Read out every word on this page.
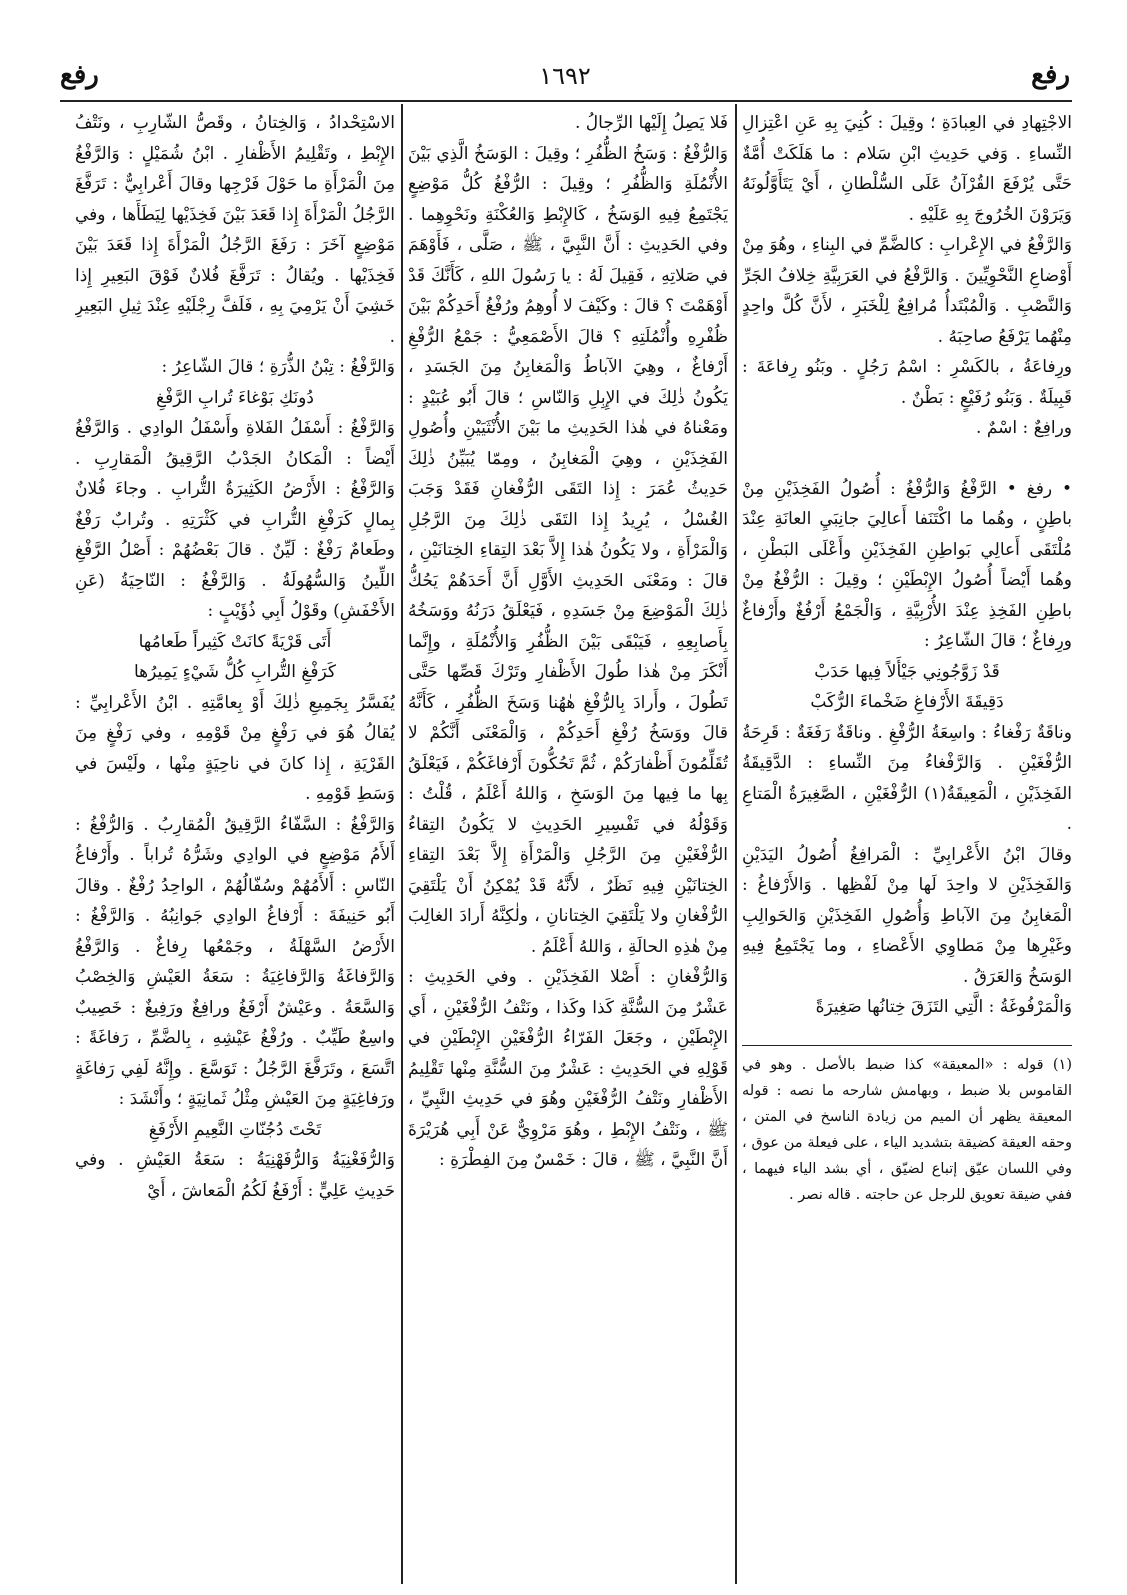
رفع
١٦٩٢
رفع

الاجْتِهادِ في العِبادَةِ ؛ وقِيلَ : كُنِيَ بِهِ عَنِ اعْتِزالِ النِّساءِ . وَفي حَدِيثِ ابْنِ سَلام : ما هَلَكَتْ أُمَّةٌ حَتَّى يُرْفَعَ القُرْآنُ عَلَى السُّلْطانِ ، أَيْ يَتَأَوَّلُونَهُ وَيَرَوْنَ الخُرُوجَ بِهِ عَلَيْهِ .

وَالرَّفْعُ في الإِعْرابِ : كالضَّمِّ في البِناءِ ، وهُوَ مِنْ أَوْضاعِ النَّحْوِيِّينَ . وَالرَّفْعُ في العَرَبِيَّةِ خِلافُ الجَرِّ وَالنَّصْبِ . وَالْمُبْتَدأُ مُرافِعٌ لِلْخَبَرِ ، لأَنَّ كُلَّ واحِدٍ مِنْهُما يَرْفَعُ صاحِبَهُ .

ورِفاعَةُ ، بالكَسْرِ : اسْمُ رَجُلٍ . وبَنُو رِفاعَةَ : قَبِيلَةٌ . وَبَنُو رُفَيْعٍ : بَطْنٌ .

ورافِعٌ : اسْمٌ .

• رفغ • الرَّفْغُ وَالرُّفْغُ : أُصُولُ الفَخِذَيْنِ مِنْ باطِنٍ ، وهُما ما اكْتَنَفا أَعالِيَ جانِبَيِ العانَةِ عِنْدَ مُلْتَقَى أَعالِي بَواطِنِ الفَخِذَيْنِ وأَعْلَى البَطْنِ ، وهُما أَيْضاً أُصُولُ الإِبْطَيْنِ ؛ وقِيلَ : الرُّفْغُ مِنْ باطِنِ الفَخِذِ عِنْدَ الأُرْبِيَّةِ ، وَالْجَمْعُ أَرْفُغٌ وأَرْفاغٌ ورِفاغٌ ؛ قالَ الشّاعِرُ :

قَدْ زَوَّجُونِي جَيْأَلاً فِيها حَدَبْ

دَقِيقَةَ الأَرْفاغِ ضَخْماءَ الرُّكَبْ

وناقَةٌ رَفْغاءُ : واسِعَةُ الرُّفْغِ . وناقَةٌ رَفَغَةٌ : قَرِحَةُ الرُّفْغَيْنِ . وَالرَّفْغاءُ مِنَ النِّساءِ : الدَّقِيقَةُ الفَخِذَيْنِ ، الْمَعِيقَةُ(١) الرُّفْغَيْنِ ، الصَّغِيرَةُ الْمَتاعِ .

وقالَ ابْنُ الأَعْرابِيِّ : الْمَرافِغُ أُصُولُ اليَدَيْنِ وَالفَخِذَيْنِ لا واحِدَ لَها مِنْ لَفْظِها . وَالأَرْفاغُ : الْمَغابِنُ مِنَ الآباطِ وَأُصُولِ الفَخِذَيْنِ وَالحَوالِبِ وغَيْرِها مِنْ مَطاوِي الأَعْضاءِ ، وما يَجْتَمِعُ فِيهِ الوَسَخُ وَالعَرَقُ .

وَالْمَرْفُوغَةُ : الَّتِي التَزَقَ خِتانُها صَغِيرَةً

(١) قوله : «المعيقة» كذا ضبط بالأصل . وهو في القاموس بلا ضبط ، وبهامش شارحه ما نصه : قوله المعيقة يظهر أن الميم من زيادة الناسخ في المتن ، وحقه العيقة كضيقة بتشديد الياء ، على فيعلة من عوق ، وفي اللسان عيّق إتباع لضيّق ، أي بشد الياء فيهما ، ففي ضيقة تعويق للرجل عن حاجته . قاله نصر .

فَلا يَصِلُ إِلَيْها الرِّجالُ .

وَالرُّفْغُ : وَسَخُ الظُّفُرِ ؛ وقِيلَ : الوَسَخُ الَّذِي بَيْنَ الأُنْمُلَةِ وَالظُّفُرِ ؛ وقِيلَ : الرُّفْغُ كُلُّ مَوْضِعٍ يَجْتَمِعُ فِيهِ الوَسَخُ ، كَالإِبْطِ وَالعُكْنَةِ ونَحْوِهِما . وفي الحَدِيثِ : أَنَّ النَّبِيَّ ، ﷺ ، صَلَّى ، فَأَوْهَمَ في صَلاتِهِ ، فَقِيلَ لَهُ : يا رَسُولَ اللهِ ، كَأَنَّكَ قَدْ أَوْهَمْتَ ؟ قالَ : وكَيْفَ لا أُوهِمُ ورُفْغُ أَحَدِكُمْ بَيْنَ ظُفْرِهِ وأُنْمُلَتِهِ ؟ قالَ الأَصْمَعِيُّ : جَمْعُ الرُّفْغِ أَرْفاغٌ ، وهِيَ الآباطُ وَالْمَغابِنُ مِنَ الجَسَدِ ، يَكُونُ ذٰلِكَ في الإِبِلِ وَالنّاسِ ؛ قالَ أَبُو عُبَيْدٍ : ومَعْناهُ في هٰذا الحَدِيثِ ما بَيْنَ الأُنْثَيَيْنِ وأُصُولِ الفَخِذَيْنِ ، وهِيَ الْمَغابِنُ ، ومِمّا يُبَيِّنُ ذٰلِكَ حَدِيثُ عُمَرَ : إِذا التَقَى الرُّفْغانِ فَقَدْ وَجَبَ الغُسْلُ ، يُرِيدُ إِذا التَقَى ذٰلِكَ مِنَ الرَّجُلِ وَالْمَرْأَةِ ، ولا يَكُونُ هٰذا إِلاَّ بَعْدَ التِقاءِ الخِتانَيْنِ ، قالَ : ومَعْنَى الحَدِيثِ الأَوَّلِ أَنَّ أَحَدَهُمْ يَحُكُّ ذٰلِكَ الْمَوْضِعَ مِنْ جَسَدِهِ ، فَيَعْلَقُ دَرَنُهُ ووَسَخُهُ بِأَصابِعِهِ ، فَيَبْقَى بَيْنَ الظُّفُرِ وَالأُنْمُلَةِ ، وإِنَّما أَنْكَرَ مِنْ هٰذا طُولَ الأَظْفارِ وتَرْكَ قَصِّها حَتَّى تَطُولَ ، وأَرادَ بِالرُّفْغِ هٰهُنا وَسَخَ الظُّفُرِ ، كَأَنَّهُ قالَ ووَسَخُ رُفْغِ أَحَدِكُمْ ، وَالْمَعْنَى أَنَّكُمْ لا تُقَلِّمُونَ أَظْفارَكُمْ ، ثُمَّ تَحُكُّونَ أَرْفاغَكُمْ ، فَيَعْلَقُ بِها ما فِيها مِنَ الوَسَخِ ، وَاللهُ أَعْلَمُ ، قُلْتُ : وَقَوْلُهُ في تَفْسِيرِ الحَدِيثِ لا يَكُونُ التِقاءُ الرُّفْغَيْنِ مِنَ الرَّجُلِ وَالْمَرْأَةِ إِلاَّ بَعْدَ التِقاءِ الخِتانَيْنِ فِيهِ نَظَرٌ ، لأَنَّهُ قَدْ يُمْكِنُ أَنْ يَلْتَقِيَ الرُّفْغانِ ولا يَلْتَقِيَ الخِتانانِ ، ولٰكِنَّهُ أَرادَ الغالِبَ مِنْ هٰذِهِ الحالَةِ ، وَاللهُ أَعْلَمُ .

وَالرُّفْغانِ : أَصْلا الفَخِذَيْنِ . وفي الحَدِيثِ : عَشْرٌ مِنَ السُّنَّةِ كَذا وكَذا ، ونَتْفُ الرُّفْغَيْنِ ، أَي الإِبْطَيْنِ ، وجَعَلَ الفَرّاءُ الرُّفْغَيْنِ الإِبْطَيْنِ في قَوْلِهِ في الحَدِيثِ : عَشْرٌ مِنَ السُّنَّةِ مِنْها تَقْلِيمُ الأَظْفارِ ونَتْفُ الرُّفْغَيْنِ وهُوَ في حَدِيثِ النَّبِيِّ ، ﷺ ، ونَتْفُ الإِبْطِ ، وهُوَ مَرْوِيٌّ عَنْ أَبِي هُرَيْرَةَ أَنَّ النَّبِيَّ ، ﷺ ، قالَ : خَمْسٌ مِنَ الفِطْرَةِ :

الاسْتِحْدادُ ، وَالخِتانُ ، وقَصُّ الشّارِبِ ، ونَتْفُ الإِبْطِ ، وتَقْلِيمُ الأَظْفارِ . ابْنُ شُمَيْلٍ : وَالرَّفْغُ مِنَ الْمَرْأَةِ ما حَوْلَ فَرْجِها وقالَ أَعْرابِيٌّ : تَرَفَّغَ الرَّجُلُ الْمَرْأَةَ إِذا قَعَدَ بَيْنَ فَخِذَيْها لِيَطَأَها ، وفي مَوْضِعٍ آخَرَ : رَفَغَ الرَّجُلُ الْمَرْأَةَ إِذا قَعَدَ بَيْنَ فَخِذَيْها . ويُقالُ : تَرَفَّغَ فُلانٌ فَوْقَ البَعِيرِ إِذا خَشِيَ أَنْ يَرْمِيَ بِهِ ، فَلَفَّ رِجْلَيْهِ عِنْدَ ثِيلِ البَعِيرِ .

وَالرَّفْغُ : تِبْنُ الذُّرَةِ ؛ قالَ الشّاعِرُ :

دُونَكِ بَوْغاءَ تُرابِ الرَّفْغِ

وَالرَّفْغُ : أَسْفَلُ الفَلاةِ وأَسْفَلُ الوادِي . وَالرَّفْغُ أَيْضاً : الْمَكانُ الجَدْبُ الرَّقِيقُ الْمَقارِبِ . وَالرَّفْغُ : الأَرْضُ الكَثِيرَةُ التُّرابِ . وجاءَ فُلانٌ بِمالٍ كَرَفْغِ التُّرابِ في كَثْرَتِهِ . وتُرابٌ رَفْغٌ وطَعامٌ رَفْغٌ : لَيِّنٌ . قالَ بَعْضُهُمْ : أَصْلُ الرَّفْغِ اللِّينُ وَالسُّهُولَةُ . وَالرَّفْغُ : النّاحِيَةُ (عَنِ الأَخْفَشِ) وقَوْلُ أَبِي ذُؤَيْبٍ :

أَتَى قَرْيَةً كانَتْ كَثِيراً طَعامُها

كَرَفْغِ التُّرابِ كُلُّ شَيْءٍ يَمِيرُها

يُفَسَّرُ بِجَمِيعِ ذٰلِكَ أَوْ بِعامَّتِهِ . ابْنُ الأَعْرابِيِّ : يُقالُ هُوَ في رَفْغٍ مِنْ قَوْمِهِ ، وفي رَفْغٍ مِنَ القَرْيَةِ ، إِذا كانَ في ناحِيَةٍ مِنْها ، ولَيْسَ في وَسَطِ قَوْمِهِ .

وَالرَّفْغُ : السَّفّاءُ الرَّقِيقُ الْمُقارِبُ . وَالرُّفْغُ : أَلأَمُ مَوْضِعٍ في الوادِي وشَرُّهُ تُراباً . وأَرْفاغُ النّاسِ : أَلأَمُهُمْ وسُفّالُهُمْ ، الواحِدُ رُفْغٌ . وقالَ أَبُو حَنِيفَةَ : أَرْفاغُ الوادِي جَوانِبُهُ . وَالرَّفْغُ : الأَرْضُ السَّهْلَةُ ، وجَمْعُها رِفاغٌ . وَالرَّفْغُ وَالرَّفاغَةُ وَالرَّفاغِيَةُ : سَعَةُ العَيْشِ وَالخِصْبُ وَالسَّعَةُ . وعَيْشٌ أَرْفَغُ ورافِغٌ ورَفِيغٌ : خَصِيبٌ واسِعٌ طَيِّبٌ . ورُفْغُ عَيْشِهِ ، بِالضَّمِّ ، رَفاغَةً : اتَّسَعَ ، وتَرَفَّغَ الرَّجُلُ : تَوَسَّعَ . وإِنَّهُ لَفِي رَفاغَةٍ ورَفاغِيَةٍ مِنَ العَيْشِ مِثْلُ ثَمانِيَةٍ ؛ وأَنْشَدَ :

تَحْتَ دُجُنّاتِ النَّعِيمِ الأَرْفَغِ

وَالرُّفَغْنِيَةُ وَالرُّفَهْنِيَةُ : سَعَةُ العَيْشِ . وفي حَدِيثِ عَلِيٍّ : أَرْفَغُ لَكُمُ الْمَعاشَ ، أَيْ
